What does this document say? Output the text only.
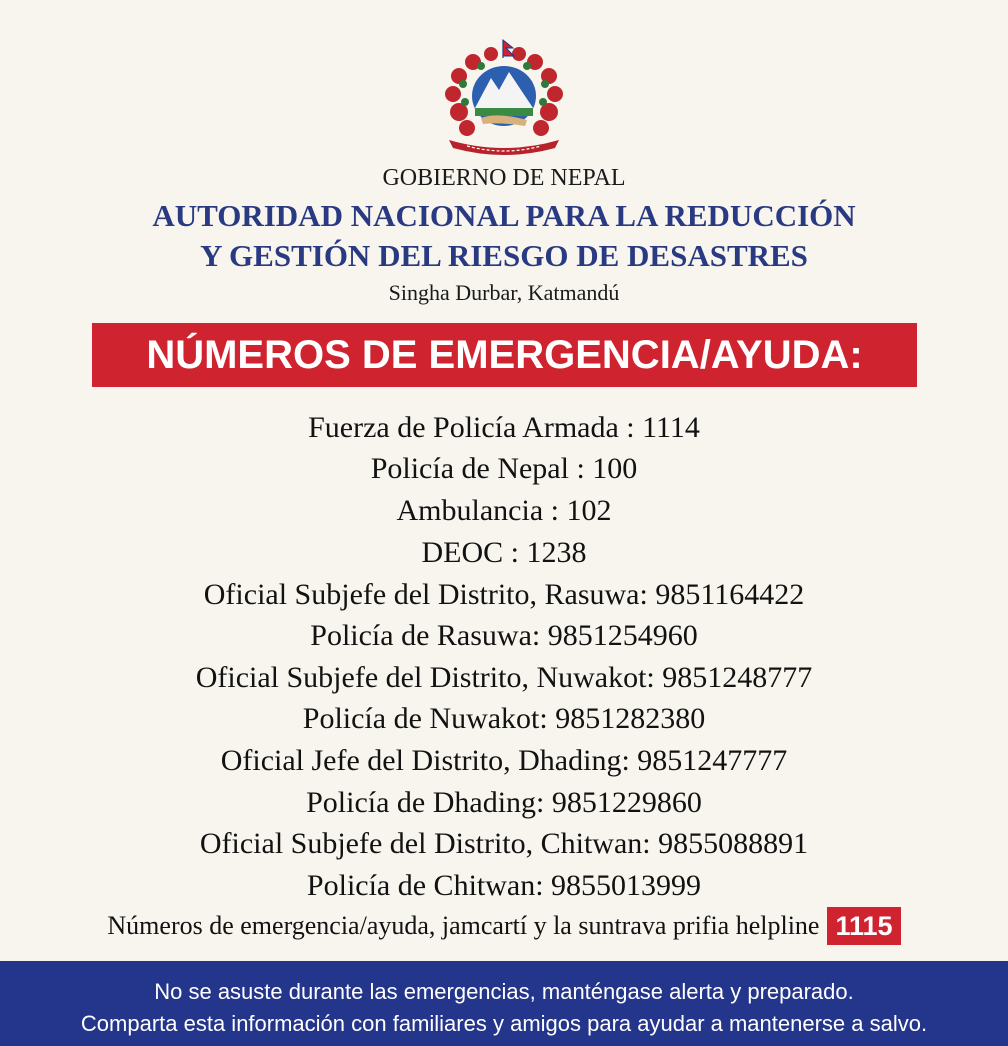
GOBIERNO DE NEPAL
AUTORIDAD NACIONAL PARA LA REDUCCIÓN
Y GESTIÓN DEL RIESGO DE DESASTRES
Singha Durbar, Katmandú
NÚMEROS DE EMERGENCIA/AYUDA:
Fuerza de Policía Armada : 1114
Policía de Nepal : 100
Ambulancia : 102
DEOC : 1238
Oficial Subjefe del Distrito, Rasuwa: 9851164422
Policía de Rasuwa: 9851254960
Oficial Subjefe del Distrito, Nuwakot: 9851248777
Policía de Nuwakot: 9851282380
Oficial Jefe del Distrito, Dhading: 9851247777
Policía de Dhading: 9851229860
Oficial Subjefe del Distrito, Chitwan: 9855088891
Policía de Chitwan: 9855013999
Números de emergencia/ayuda, jamcartí y la suntrava prifia helpline 1115
No se asuste durante las emergencias, manténgase alerta y preparado.
Comparta esta información con familiares y amigos para ayudar a mantenerse a salvo.
